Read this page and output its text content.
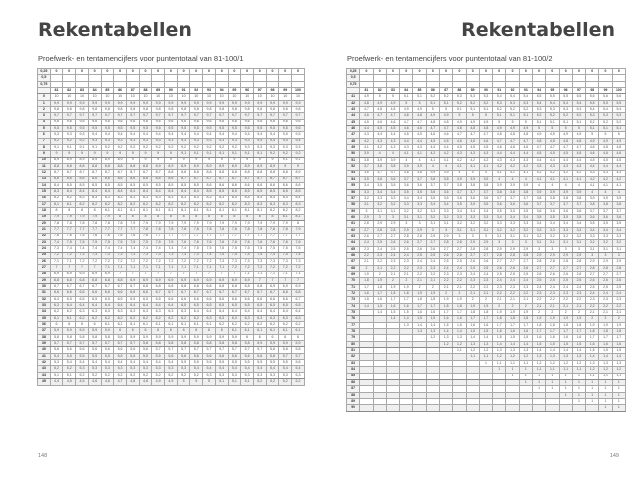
Rekentabellen
Proefwerk- en tentamencijfers voor puntentotaal van 81-100/1
0,25	0	0	0	0	0	0	0	0	0	0	0	0	0	0	0	0	0	0	0	0
0,5																				
0,75																				
	81	82	83	84	85	86	87	88	89	90	91	92	93	94	95	96	97	98	99	100
0	10	10	10	10	10	10	10	10	10	10	10	10	10	10	10	10	10	10	10	10
1	9,9	9,9	9,9	9,9	9,9	9,9	9,9	9,9	9,9	9,9	9,9	9,9	9,9	9,9	9,9	9,9	9,9	9,9	9,9	9,9
2	9,8	9,8	9,8	9,8	9,8	9,8	9,8	9,8	9,8	9,8	9,8	9,8	9,8	9,8	9,8	9,8	9,8	9,8	9,8	9,8
3	9,7	9,7	9,7	9,7	9,7	9,7	9,7	9,7	9,7	9,7	9,7	9,7	9,7	9,7	9,7	9,7	9,7	9,7	9,7	9,7
4	9,6	9,6	9,6	9,6	9,6	9,6	9,6	9,6	9,6	9,6	9,6	9,6	9,6	9,6	9,6	9,6	9,6	9,6	9,6	9,6
5	9,5	9,5	9,5	9,5	9,5	9,5	9,5	9,5	9,5	9,5	9,5	9,5	9,5	9,5	9,5	9,5	9,5	9,5	9,5	9,6
6	9,3	9,3	9,3	9,4	9,4	9,4	9,4	9,4	9,4	9,4	9,4	9,4	9,4	9,4	9,4	9,4	9,4	9,4	9,5	9,5
7	9,2	9,2	9,2	9,3	9,3	9,3	9,3	9,3	9,3	9,3	9,3	9,3	9,3	9,3	9,3	9,3	9,4	9,4	9,4	9,4
8	9,1	9,1	9,1	9,1	9,2	9,2	9,2	9,2	9,2	9,2	9,2	9,2	9,2	9,2	9,2	9,3	9,3	9,3	9,3	9,3
9	9	9	9	9	9	9	9	9	9	9	9,1	9,1	9,1	9,1	9,1	9,1	9,1	9,2	9,2	9,2
10	8,9	8,9	8,9	8,9	8,9	8,9	9	9	9	9	9	9	9	9	9	9	9	9	9,1	9,1
11	8,8	8,8	8,8	8,8	8,8	8,8	8,8	8,8	8,9	8,9	8,9	8,9	8,9	8,9	8,9	8,9	8,9	8,9	9	9
12	8,7	8,7	8,7	8,7	8,7	8,7	8,7	8,7	8,7	8,8	8,8	8,8	8,8	8,8	8,8	8,8	8,8	8,8	8,8	8,9
13	8,6	8,6	8,6	8,6	8,6	8,6	8,6	8,6	8,6	8,6	8,7	8,7	8,7	8,7	8,7	8,7	8,7	8,7	8,7	8,7
14	8,4	8,5	8,5	8,5	8,5	8,5	8,5	8,5	8,5	8,5	8,5	8,5	8,6	8,6	8,6	8,6	8,6	8,6	8,6	8,6
15	8,3	8,4	8,4	8,4	8,4	8,4	8,4	8,4	8,4	8,4	8,4	8,4	8,5	8,5	8,5	8,5	8,5	8,5	8,5	8,5
16	8,2	8,2	8,3	8,3	8,3	8,3	8,3	8,3	8,3	8,3	8,3	8,3	8,3	8,3	8,4	8,4	8,4	8,4	8,4	8,4
17	8,1	8,1	8,2	8,2	8,2	8,2	8,2	8,2	8,2	8,2	8,2	8,2	8,2	8,2	8,2	8,3	8,3	8,3	8,3	8,3
18	8	8	8	8	8,1	8,1	8,1	8,1	8,1	8,1	8,1	8,1	8,1	8,1	8,1	8,1	8,1	8,2	8,2	8,2
19	7,9	7,9	7,9	7,9	7,9	8	8	8	8	8	8	8	8	8	8	8	8	8	8,1	8,1
20	7,8	7,8	7,8	7,8	7,8	7,8	7,9	7,9	7,9	7,9	7,9	7,9	7,9	7,9	7,9	7,9	7,9	7,9	7,9	8
21	7,7	7,7	7,7	7,7	7,7	7,7	7,7	7,8	7,8	7,8	7,8	7,8	7,8	7,8	7,8	7,8	7,8	7,8	7,8	7,9
22	7,6	7,6	7,6	7,6	7,6	7,6	7,6	7,6	7,7	7,7	7,7	7,7	7,7	7,7	7,7	7,7	7,7	7,7	7,7	7,7
23	7,4	7,5	7,5	7,5	7,5	7,5	7,5	7,5	7,5	7,5	7,6	7,6	7,6	7,6	7,6	7,6	7,6	7,6	7,6	7,6
24	7,3	7,4	7,4	7,4	7,4	7,4	7,4	7,4	7,4	7,4	7,4	7,5	7,5	7,5	7,5	7,5	7,5	7,5	7,5	7,5
25	7,2	7,2	7,3	7,3	7,3	7,3	7,3	7,3	7,3	7,3	7,3	7,3	7,4	7,4	7,4	7,4	7,4	7,4	7,4	7,4
26	7,1	7,1	7,2	7,2	7,2	7,2	7,2	7,2	7,2	7,2	7,2	7,2	7,2	7,3	7,3	7,3	7,3	7,3	7,3	7,3
27	7	7	7	7	7,1	7,1	7,1	7,1	7,1	7,1	7,1	7,1	7,1	7,1	7,2	7,2	7,2	7,2	7,2	7,2
28	6,9	6,9	6,9	6,9	6,9	7	7	7	7	7	7	7	7	7	7	7,1	7,1	7,1	7,1	7,1
29	6,8	6,8	6,8	6,8	6,8	6,8	6,9	6,9	6,9	6,9	6,9	6,9	6,9	6,9	6,9	6,9	7	7	7	7
30	6,7	6,7	6,7	6,7	6,7	6,7	6,7	6,8	6,8	6,8	6,8	6,8	6,8	6,8	6,8	6,8	6,8	6,9	6,9	6,9
31	6,6	6,6	6,6	6,6	6,6	6,6	6,6	6,6	6,7	6,7	6,7	6,7	6,7	6,7	6,7	6,7	6,7	6,7	6,8	6,8
32	6,4	6,5	6,5	6,5	6,5	6,5	6,5	6,5	6,5	6,6	6,6	6,6	6,6	6,6	6,6	6,6	6,6	6,6	6,6	6,7
33	6,3	6,4	6,4	6,4	6,4	6,4	6,4	6,4	6,4	6,4	6,5	6,5	6,5	6,5	6,5	6,5	6,5	6,5	6,5	6,5
34	6,2	6,2	6,3	6,3	6,3	6,3	6,3	6,3	6,3	6,3	6,3	6,4	6,4	6,4	6,4	6,4	6,4	6,4	6,4	6,4
35	6,1	6,1	6,2	6,2	6,2	6,2	6,2	6,2	6,2	6,2	6,2	6,2	6,3	6,3	6,3	6,3	6,3	6,3	6,3	6,3
36	6	6	6	6	6,1	6,1	6,1	6,1	6,1	6,1	6,1	6,1	6,1	6,2	6,2	6,2	6,2	6,2	6,2	6,2
37	5,9	5,9	5,9	5,9	5,9	6	6	6	6	6	6	6	6	6	6,1	6,1	6,1	6,1	6,1	6,1
38	5,8	5,8	5,8	5,8	5,8	5,8	5,9	5,9	5,9	5,9	5,9	5,9	5,9	5,9	5,9	6	6	6	6	6
39	5,7	5,7	5,7	5,7	5,7	5,7	5,7	5,8	5,8	5,8	5,8	5,8	5,8	5,8	5,8	5,8	5,9	5,9	5,9	5,9
40	5,6	5,6	5,6	5,6	5,6	5,6	5,6	5,6	5,7	5,7	5,7	5,7	5,7	5,7	5,7	5,7	5,7	5,8	5,8	5,8
41	5,4	5,5	5,5	5,5	5,5	5,5	5,5	5,5	5,5	5,6	5,6	5,6	5,6	5,6	5,6	5,6	5,6	5,6	5,7	5,7
42	5,3	5,4	5,4	5,4	5,4	5,4	5,4	5,4	5,4	5,4	5,5	5,5	5,5	5,5	5,5	5,5	5,5	5,5	5,5	5,6
43	5,2	5,2	5,3	5,3	5,3	5,3	5,3	5,3	5,3	5,3	5,3	5,4	5,4	5,4	5,4	5,4	5,4	5,4	5,4	5,4
44	5,1	5,1	5,2	5,2	5,2	5,2	5,2	5,2	5,2	5,2	5,2	5,2	5,3	5,3	5,3	5,3	5,3	5,3	5,3	5,3
45	4,4	4,5	4,5	4,6	4,6	4,7	4,8	4,8	4,9	4,9	5	5	5	5,1	5,1	5,1	5,2	5,2	5,2	5,2
148
Rekentabellen
Proefwerk- en tentamencijfers voor puntentotaal van 81-100/2
0,25	0	0	0	0	0	0	0	0	0	0	0	0	0	0	0	0	0	0	0	0
0,5																				
0,75																				
	81	82	83	84	85	86	87	88	89	90	91	92	93	94	95	96	97	98	99	100
41	4,9	5	5	5,1	5,1	5,2	5,2	5,3	5,3	5,3	5,4	5,4	5,4	5,5	5,5	5,5	5,5	5,6	5,6	5,6
42	4,8	4,9	4,9	5	5	5,1	5,1	5,2	5,2	5,2	5,3	5,3	5,3	5,4	5,4	5,4	5,4	5,5	5,5	5,5
43	4,7	4,8	4,8	4,9	4,9	5	5	5,1	5,1	5,1	5,2	5,2	5,2	5,3	5,3	5,3	5,3	5,4	5,4	5,4
44	4,6	4,7	4,7	4,8	4,8	4,9	4,9	5	5	5	5,1	5,1	5,1	5,2	5,2	5,2	5,2	5,3	5,3	5,3
45	4,5	4,6	4,6	4,7	4,7	4,8	4,8	4,9	4,9	4,9	5	5	5	5,1	5,1	5,1	5,1	5,2	5,2	5,2
46	4,4	4,5	4,5	4,6	4,6	4,7	4,7	4,8	4,8	4,8	4,9	4,9	4,9	5	5	5	5	5,1	5,1	5,1
47	4,3	4,4	4,4	4,5	4,5	4,6	4,6	4,7	4,7	4,7	4,8	4,8	4,8	4,9	4,9	4,9	4,9	5	5	5
48	4,2	4,3	4,3	4,4	4,4	4,5	4,5	4,6	4,6	4,6	4,7	4,7	4,7	4,8	4,8	4,8	4,8	4,9	4,9	4,9
49	4,1	4,2	4,2	4,3	4,3	4,4	4,4	4,5	4,5	4,5	4,6	4,6	4,6	4,7	4,7	4,7	4,7	4,8	4,8	4,8
50	3,9	4	4	4,1	4,1	4,2	4,2	4,3	4,3	4,3	4,4	4,4	4,4	4,5	4,5	4,5	4,5	4,6	4,6	4,6
51	3,8	3,9	3,9	4	4	4,1	4,1	4,2	4,2	4,2	4,3	4,3	4,3	4,4	4,4	4,4	4,4	4,5	4,5	4,5
52	3,7	3,8	3,8	3,9	3,9	4	4	4,1	4,1	4,1	4,2	4,2	4,2	4,3	4,3	4,3	4,3	4,4	4,4	4,4
53	3,6	3,7	3,7	3,8	3,8	3,9	3,9	4	4	4	4,1	4,1	4,1	4,2	4,2	4,2	4,2	4,3	4,3	4,3
54	3,5	3,6	3,6	3,7	3,7	3,8	3,8	3,9	3,9	3,9	4	4	4	4,1	4,1	4,1	4,1	4,2	4,2	4,2
55	3,4	3,5	3,5	3,6	3,6	3,7	3,7	3,8	3,8	3,8	3,9	3,9	3,9	4	4	4	4	4,1	4,1	4,1
56	3,3	3,4	3,4	3,5	3,5	3,6	3,6	3,7	3,7	3,7	3,8	3,8	3,8	3,9	3,9	3,9	3,9	4	4	4
57	3,2	3,3	3,3	3,4	3,4	3,5	3,5	3,6	3,6	3,6	3,7	3,7	3,7	3,8	3,8	3,8	3,8	3,9	3,9	3,9
58	3,1	3,2	3,2	3,3	3,3	3,4	3,4	3,5	3,5	3,5	3,6	3,6	3,6	3,7	3,7	3,7	3,7	3,8	3,8	3,8
59	3	3,1	3,1	3,2	3,2	3,3	3,3	3,4	3,4	3,4	3,5	3,5	3,5	3,6	3,6	3,6	3,6	3,7	3,7	3,7
60	2,9	3	3	3,1	3,1	3,2	3,2	3,3	3,3	3,3	3,4	3,4	3,4	3,5	3,5	3,5	3,5	3,6	3,6	3,6
61	2,8	2,9	2,9	3	3	3,1	3,1	3,2	3,2	3,2	3,3	3,3	3,3	3,4	3,4	3,4	3,4	3,5	3,5	3,5
62	2,7	2,8	2,8	2,9	2,9	3	3	3,1	3,1	3,1	3,2	3,2	3,2	3,3	3,3	3,3	3,3	3,4	3,4	3,4
63	2,6	2,7	2,7	2,8	2,8	2,9	2,9	3	3	3	3,1	3,1	3,1	3,2	3,2	3,2	3,2	3,3	3,3	3,3
64	2,4	2,5	2,6	2,6	2,7	2,7	2,8	2,8	2,9	2,9	3	3	3	3,1	3,1	3,1	3,1	3,2	3,2	3,2
65	2,3	2,4	2,5	2,5	2,6	2,6	2,7	2,7	2,8	2,8	2,9	2,9	2,9	3	3	3	3	3,1	3,1	3,1
66	2,2	2,3	2,4	2,4	2,5	2,5	2,6	2,6	2,7	2,7	2,8	2,8	2,8	2,9	2,9	2,9	2,9	3	3	3
67	2,1	2,2	2,3	2,3	2,4	2,4	2,5	2,5	2,6	2,6	2,7	2,7	2,7	2,8	2,8	2,8	2,8	2,9	2,9	2,9
68	2	2,1	2,2	2,2	2,3	2,3	2,4	2,4	2,5	2,5	2,6	2,6	2,6	2,7	2,7	2,7	2,7	2,8	2,8	2,8
69	1,9	2	2,1	2,1	2,2	2,2	2,3	2,3	2,4	2,4	2,5	2,5	2,5	2,6	2,6	2,6	2,6	2,7	2,7	2,7
70	1,8	1,9	2	2	2,1	2,1	2,2	2,2	2,3	2,3	2,4	2,4	2,4	2,5	2,5	2,5	2,5	2,6	2,6	2,6
71	1,7	1,8	1,9	1,9	2	2	2,1	2,1	2,2	2,2	2,3	2,3	2,3	2,4	2,4	2,4	2,4	2,5	2,5	2,5
72	1,6	1,7	1,8	1,8	1,9	1,9	2	2	2,1	2,1	2,2	2,2	2,2	2,3	2,3	2,3	2,3	2,4	2,4	2,4
73	1,5	1,6	1,7	1,7	1,8	1,8	1,9	1,9	2	2	2,1	2,1	2,1	2,2	2,2	2,2	2,2	2,3	2,3	2,3
74	1,4	1,5	1,6	1,6	1,7	1,7	1,8	1,8	1,9	1,9	2	2	2	2,1	2,1	2,1	2,1	2,2	2,2	2,2
75		1,4	1,5	1,5	1,6	1,6	1,7	1,7	1,8	1,8	1,9	1,9	1,9	2	2	2	2	2,1	2,1	2,1
76			1,4	1,4	1,5	1,5	1,6	1,6	1,7	1,7	1,8	1,8	1,8	1,9	1,9	1,9	1,9	2	2	2
77				1,3	1,4	1,4	1,5	1,5	1,6	1,6	1,7	1,7	1,7	1,8	1,8	1,8	1,8	1,9	1,9	1,9
78					1,3	1,3	1,4	1,4	1,5	1,5	1,6	1,6	1,6	1,7	1,7	1,7	1,7	1,8	1,8	1,8
79						1,2	1,3	1,3	1,4	1,4	1,5	1,5	1,5	1,6	1,6	1,6	1,6	1,7	1,7	1,7
80							1,2	1,2	1,3	1,3	1,4	1,4	1,4	1,5	1,5	1,5	1,5	1,6	1,6	1,6
81								1,1	1,2	1,2	1,3	1,3	1,3	1,4	1,4	1,4	1,4	1,5	1,5	1,5
82									1,1	1,1	1,2	1,2	1,2	1,3	1,3	1,3	1,3	1,4	1,4	1,4
83										1	1,1	1,1	1,1	1,2	1,2	1,2	1,2	1,3	1,3	1,3
84											1	1	1	1,1	1,1	1,1	1,1	1,2	1,2	1,2
85												1	1	1	1	1	1	1,1	1,1	1,1
86													1	1	1	1	1	1	1	1
87														1	1	1	1	1	1	1
88																1	1	1	1	1
89																	1	1	1	1
90																			1	1
149
